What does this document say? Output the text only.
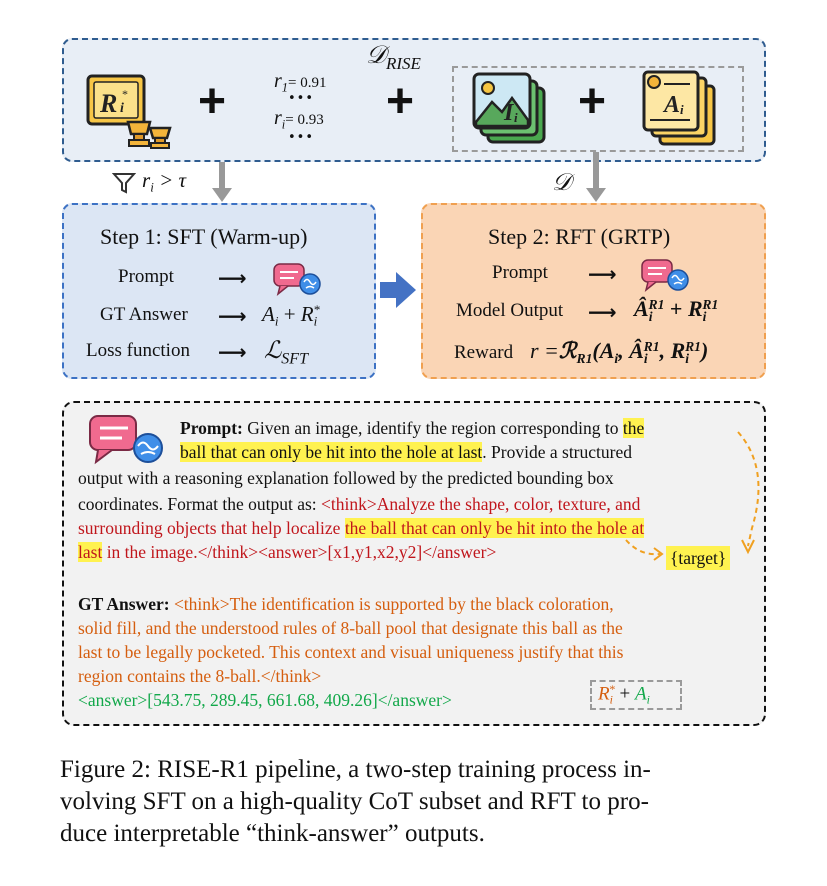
𝒟$_{RISE}$
R i
* + $r_1= 0.91$
•••
$r_i= 0.93$
•••
+	I i + A i
$r_i > \tau$	𝒟
Step 1: SFT (Warm-up)
Prompt ⟶
GT Answer ⟶ $A_i + R_i^*$
Loss function ⟶ ℒ$_{SFT}$
Step 2: RFT (GRTP)
Prompt ⟶
Model Output ⟶ $Â_i^{R1} + R_i^{R1}$
Reward $r =ℛ_{R1}(A_i$, $Â_i^{R1}$, $R_i^{R1}$)
Prompt: Given an image, identify the region corresponding to the
ball that can only be hit into the hole at last. Provide a structured
output with a reasoning explanation followed by the predicted bounding box
coordinates. Format the output as: <think>Analyze the shape, color, texture, and
surrounding objects that help localize the ball that can only be hit into the hole at
last in the image.</think><answer>[x1,y1,x2,y2]</answer>	{target}
GT Answer: <think>The identification is supported by the black coloration,
solid fill, and the understood rules of 8-ball pool that designate this ball as the
last to be legally pocketed. This context and visual uniqueness justify that this
region contains the 8-ball.</think>
<answer>[543.75, 289.45, 661.68, 409.26]</answer>	$R_i^* + A_i$
Figure 2: RISE-R1 pipeline, a two-step training process in-
volving SFT on a high-quality CoT subset and RFT to pro-
duce interpretable “think-answer” outputs.
